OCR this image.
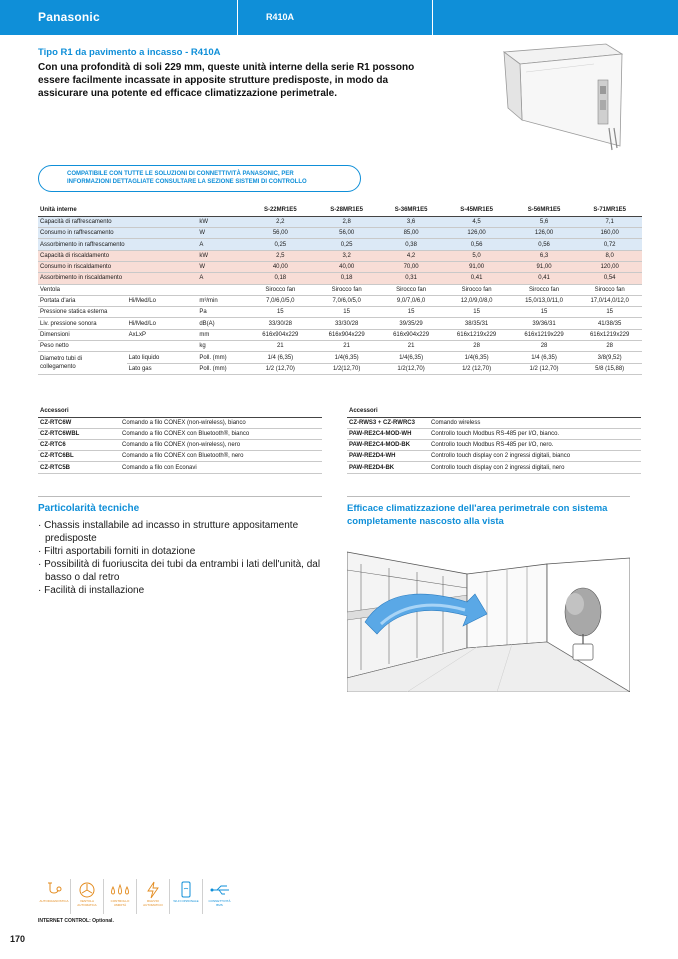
Panasonic	R410A
Tipo R1 da pavimento a incasso - R410A
Con una profondità di soli 229 mm, queste unità interne della serie R1 possono essere facilmente incassate in apposite strutture predisposte, in modo da assicurare una potente ed efficace climatizzazione perimetrale.
COMPATIBILE CON TUTTE LE SOLUZIONI DI CONNETTIVITÀ PANASONIC, PER
INFORMAZIONI DETTAGLIATE CONSULTARE LA SEZIONE SISTEMI DI CONTROLLO
Unità interne			S-22MR1E5	S-28MR1E5	S-36MR1E5	S-45MR1E5	S-56MR1E5	S-71MR1E5
Capacità di raffrescamento		kW	2,2	2,8	3,6	4,5	5,6	7,1
Consumo in raffrescamento		W	56,00	56,00	85,00	126,00	126,00	160,00
Assorbimento in raffrescamento		A	0,25	0,25	0,38	0,56	0,56	0,72
Capacità di riscaldamento		kW	2,5	3,2	4,2	5,0	6,3	8,0
Consumo in riscaldamento		W	40,00	40,00	70,00	91,00	91,00	120,00
Assorbimento in riscaldamento		A	0,18	0,18	0,31	0,41	0,41	0,54
Ventola			Sirocco fan	Sirocco fan	Sirocco fan	Sirocco fan	Sirocco fan	Sirocco fan
Portata d'aria	Hi/Med/Lo	m³/min	7,0/6,0/5,0	7,0/6,0/5,0	9,0/7,0/6,0	12,0/9,0/8,0	15,0/13,0/11,0	17,0/14,0/12,0
Pressione statica esterna		Pa	15	15	15	15	15	15
Liv. pressione sonora	Hi/Med/Lo	dB(A)	33/30/28	33/30/28	39/35/29	38/35/31	39/36/31	41/38/35
Dimensioni	AxLxP	mm	616x904x229	616x904x229	616x904x229	616x1219x229	616x1219x229	616x1219x229
Peso netto		kg	21	21	21	28	28	28
Diametro tubi di
collegamento	Lato liquido	Poll. (mm)	1/4 (6,35)	1/4(6,35)	1/4(6,35)	1/4(6,35)	1/4 (6,35)	3/8(9,52)
	Lato gas	Poll. (mm)	1/2 (12,70)	1/2(12,70)	1/2(12,70)	1/2 (12,70)	1/2 (12,70)	5/8 (15,88)
Accessori	
CZ-RTC6W	Comando a filo CONEX (non-wireless), bianco
CZ-RTC6WBL	Comando a filo CONEX con Bluetooth®, bianco
CZ-RTC6	Comando a filo CONEX (non-wireless), nero
CZ-RTC6BL	Comando a filo CONEX con Bluetooth®, nero
CZ-RTC5B	Comando a filo con Econavi
Accessori	
CZ-RWS3 + CZ-RWRC3	Comando wireless
PAW-RE2C4-MOD-WH	Controllo touch Modbus RS-485 per I/O, bianco.
PAW-RE2C4-MOD-BK	Controllo touch Modbus RS-485 per I/O, nero.
PAW-RE2D4-WH	Controllo touch display con 2 ingressi digitali, bianco
PAW-RE2D4-BK	Controllo touch display con 2 ingressi digitali, nero
Particolarità tecniche
· Chassis installabile ad incasso in strutture appositamente predisposte
· Filtri asportabili forniti in dotazione
· Possibilità di fuoriuscita dei tubi da entrambi i lati dell'unità, dal basso o dal retro
· Facilità di installazione
Efficace climatizzazione dell'area perimetrale con sistema completamente nascosto alla vista
AUTODIAGNOSTICA	VENTOLA
AUTOMATICA
CONTROLLO
UMIDITÀ
RIAVVIO
AUTOMATICO
WI-FI OPZIONALE	CONNETTIVITÀ
BMS
INTERNET CONTROL: Optional.
170
